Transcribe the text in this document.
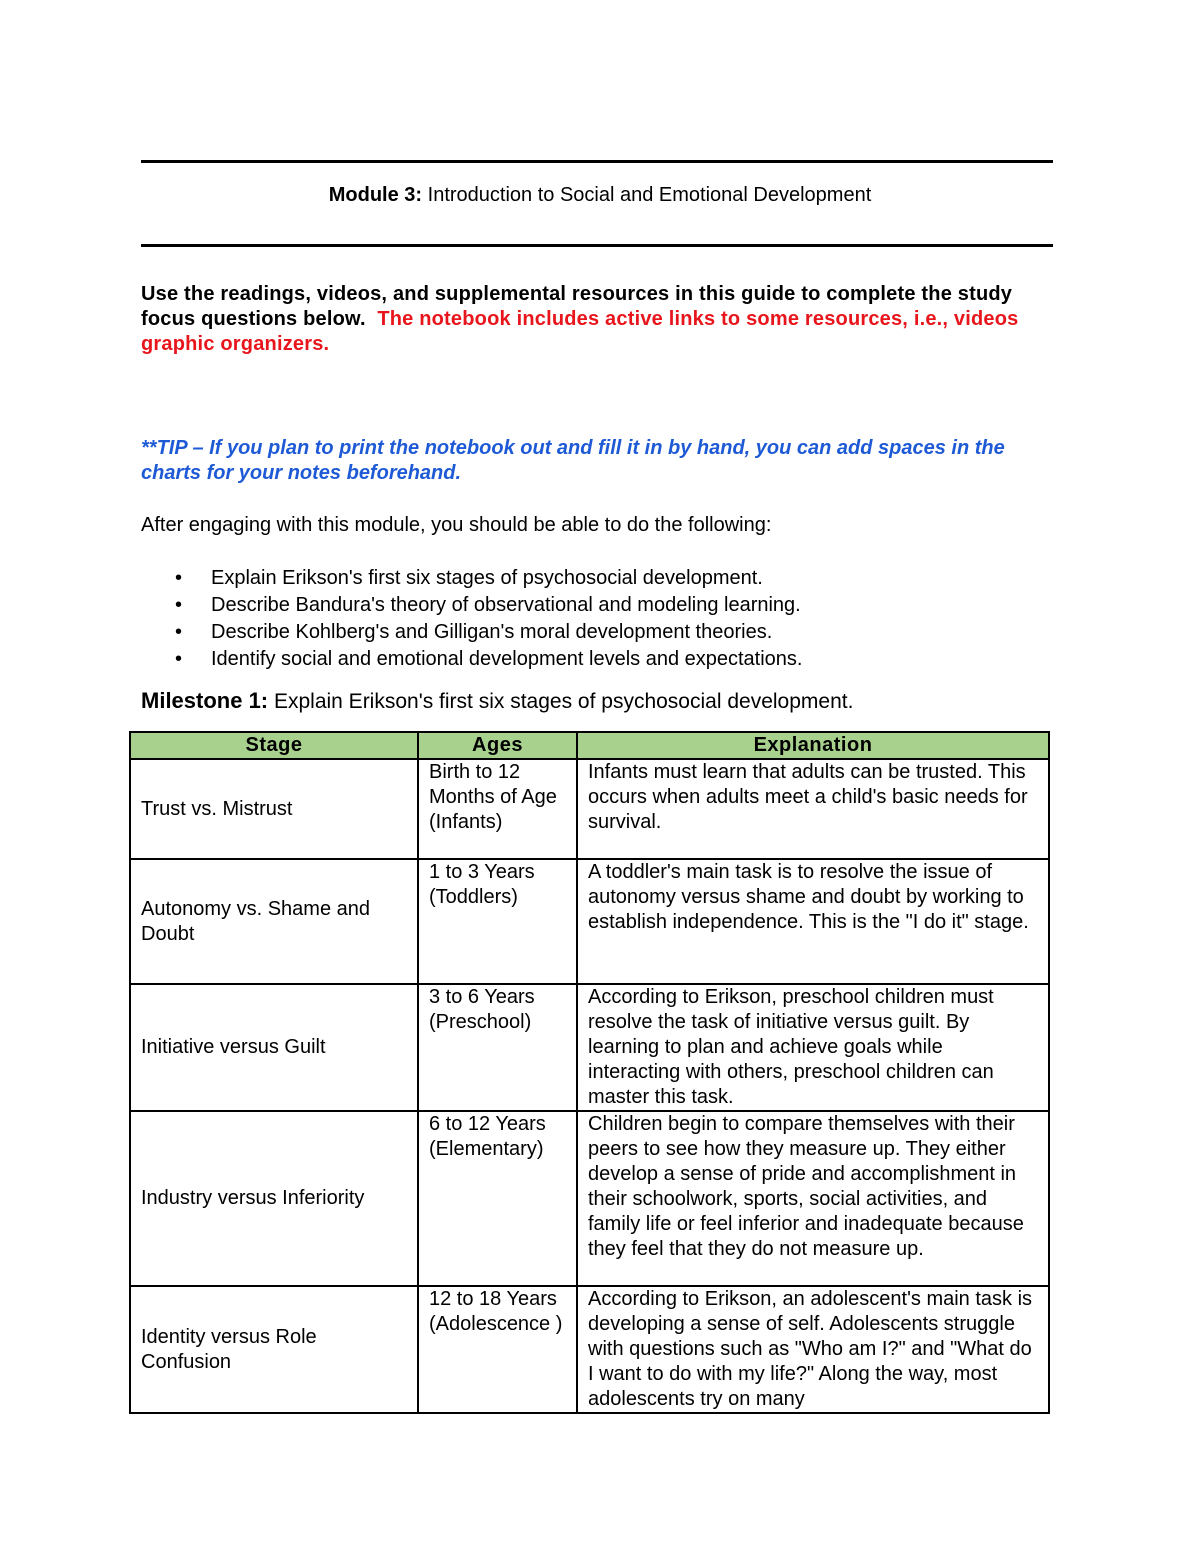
Module 3: Introduction to Social and Emotional Development
Use the readings, videos, and supplemental resources in this guide to complete the study focus questions below. The notebook includes active links to some resources, i.e., videos graphic organizers.
**TIP – If you plan to print the notebook out and fill it in by hand, you can add spaces in the charts for your notes beforehand.
After engaging with this module, you should be able to do the following:
• Explain Erikson's first six stages of psychosocial development.
• Describe Bandura's theory of observational and modeling learning.
• Describe Kohlberg's and Gilligan's moral development theories.
• Identify social and emotional development levels and expectations.
Milestone 1: Explain Erikson's first six stages of psychosocial development.
Stage	Ages	Explanation
Trust vs. Mistrust	Birth to 12 Months of Age (Infants)	Infants must learn that adults can be trusted. This occurs when adults meet a child's basic needs for survival.
Autonomy vs. Shame and Doubt	1 to 3 Years (Toddlers)	A toddler's main task is to resolve the issue of autonomy versus shame and doubt by working to establish independence. This is the "I do it" stage.
Initiative versus Guilt	3 to 6 Years (Preschool)	According to Erikson, preschool children must resolve the task of initiative versus guilt. By learning to plan and achieve goals while interacting with others, preschool children can master this task.
Industry versus Inferiority	6 to 12 Years (Elementary)	Children begin to compare themselves with their peers to see how they measure up. They either develop a sense of pride and accomplishment in their schoolwork, sports, social activities, and family life or feel inferior and inadequate because they feel that they do not measure up.
Identity versus Role Confusion	12 to 18 Years (Adolescence )	According to Erikson, an adolescent's main task is developing a sense of self. Adolescents struggle with questions such as "Who am I?" and "What do I want to do with my life?" Along the way, most adolescents try on many
